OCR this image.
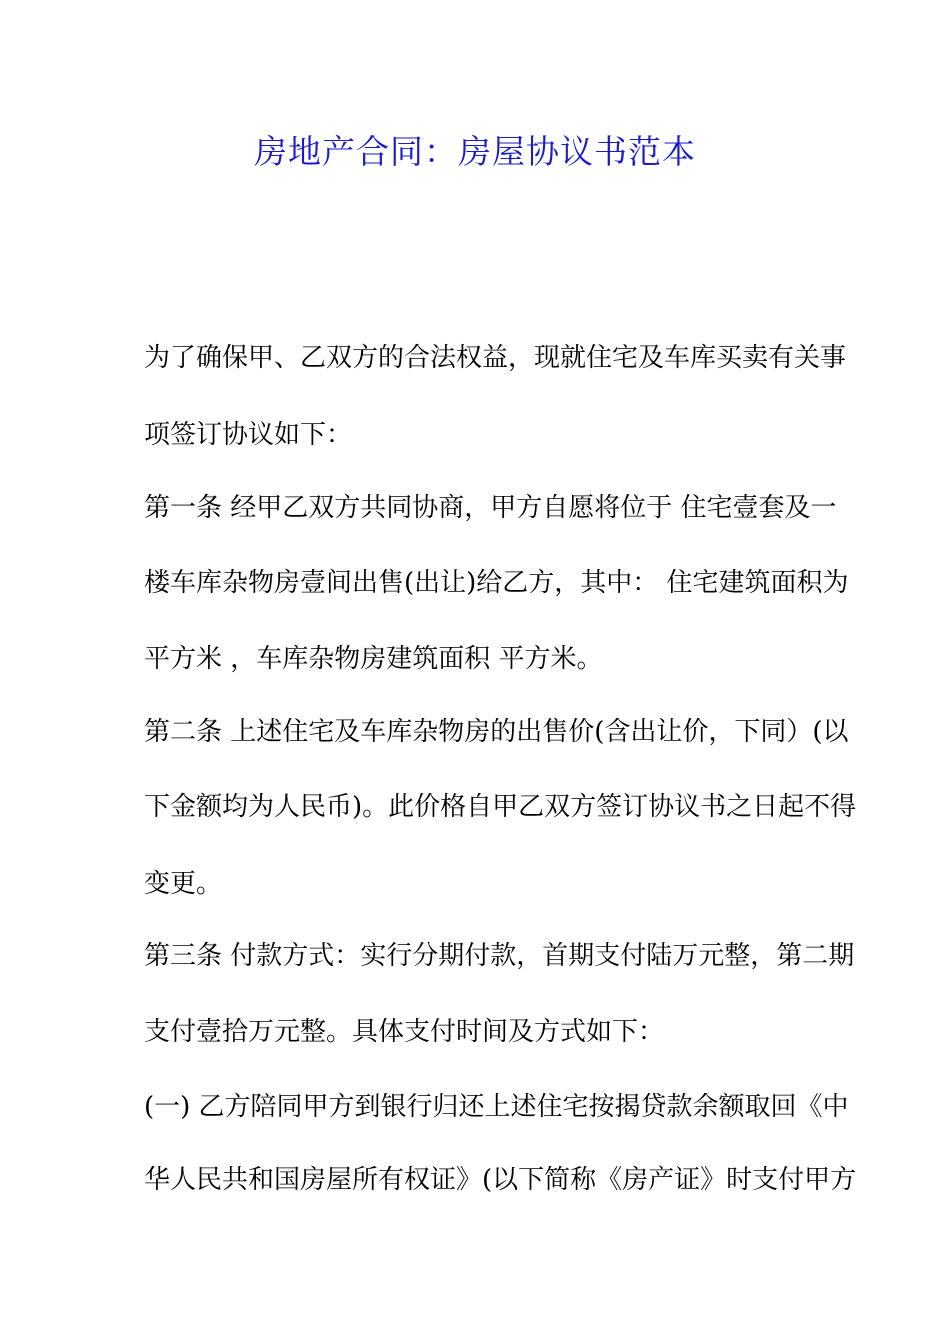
房地产合同：房屋协议书范本
为了确保甲、乙双方的合法权益，现就住宅及车库买卖有关事
项签订协议如下：
第一条 经甲乙双方共同协商，甲方自愿将位于 住宅壹套及一
楼车库杂物房壹间出售(出让)给乙方，其中： 住宅建筑面积为
平方米 ，车库杂物房建筑面积 平方米。
第二条 上述住宅及车库杂物房的出售价(含出让价，下同）(以
下金额均为人民币)。此价格自甲乙双方签订协议书之日起不得
变更。
第三条 付款方式：实行分期付款，首期支付陆万元整，第二期
支付壹拾万元整。具体支付时间及方式如下：
(一) 乙方陪同甲方到银行归还上述住宅按揭贷款余额取回《中
华人民共和国房屋所有权证》(以下简称《房产证》时支付甲方
